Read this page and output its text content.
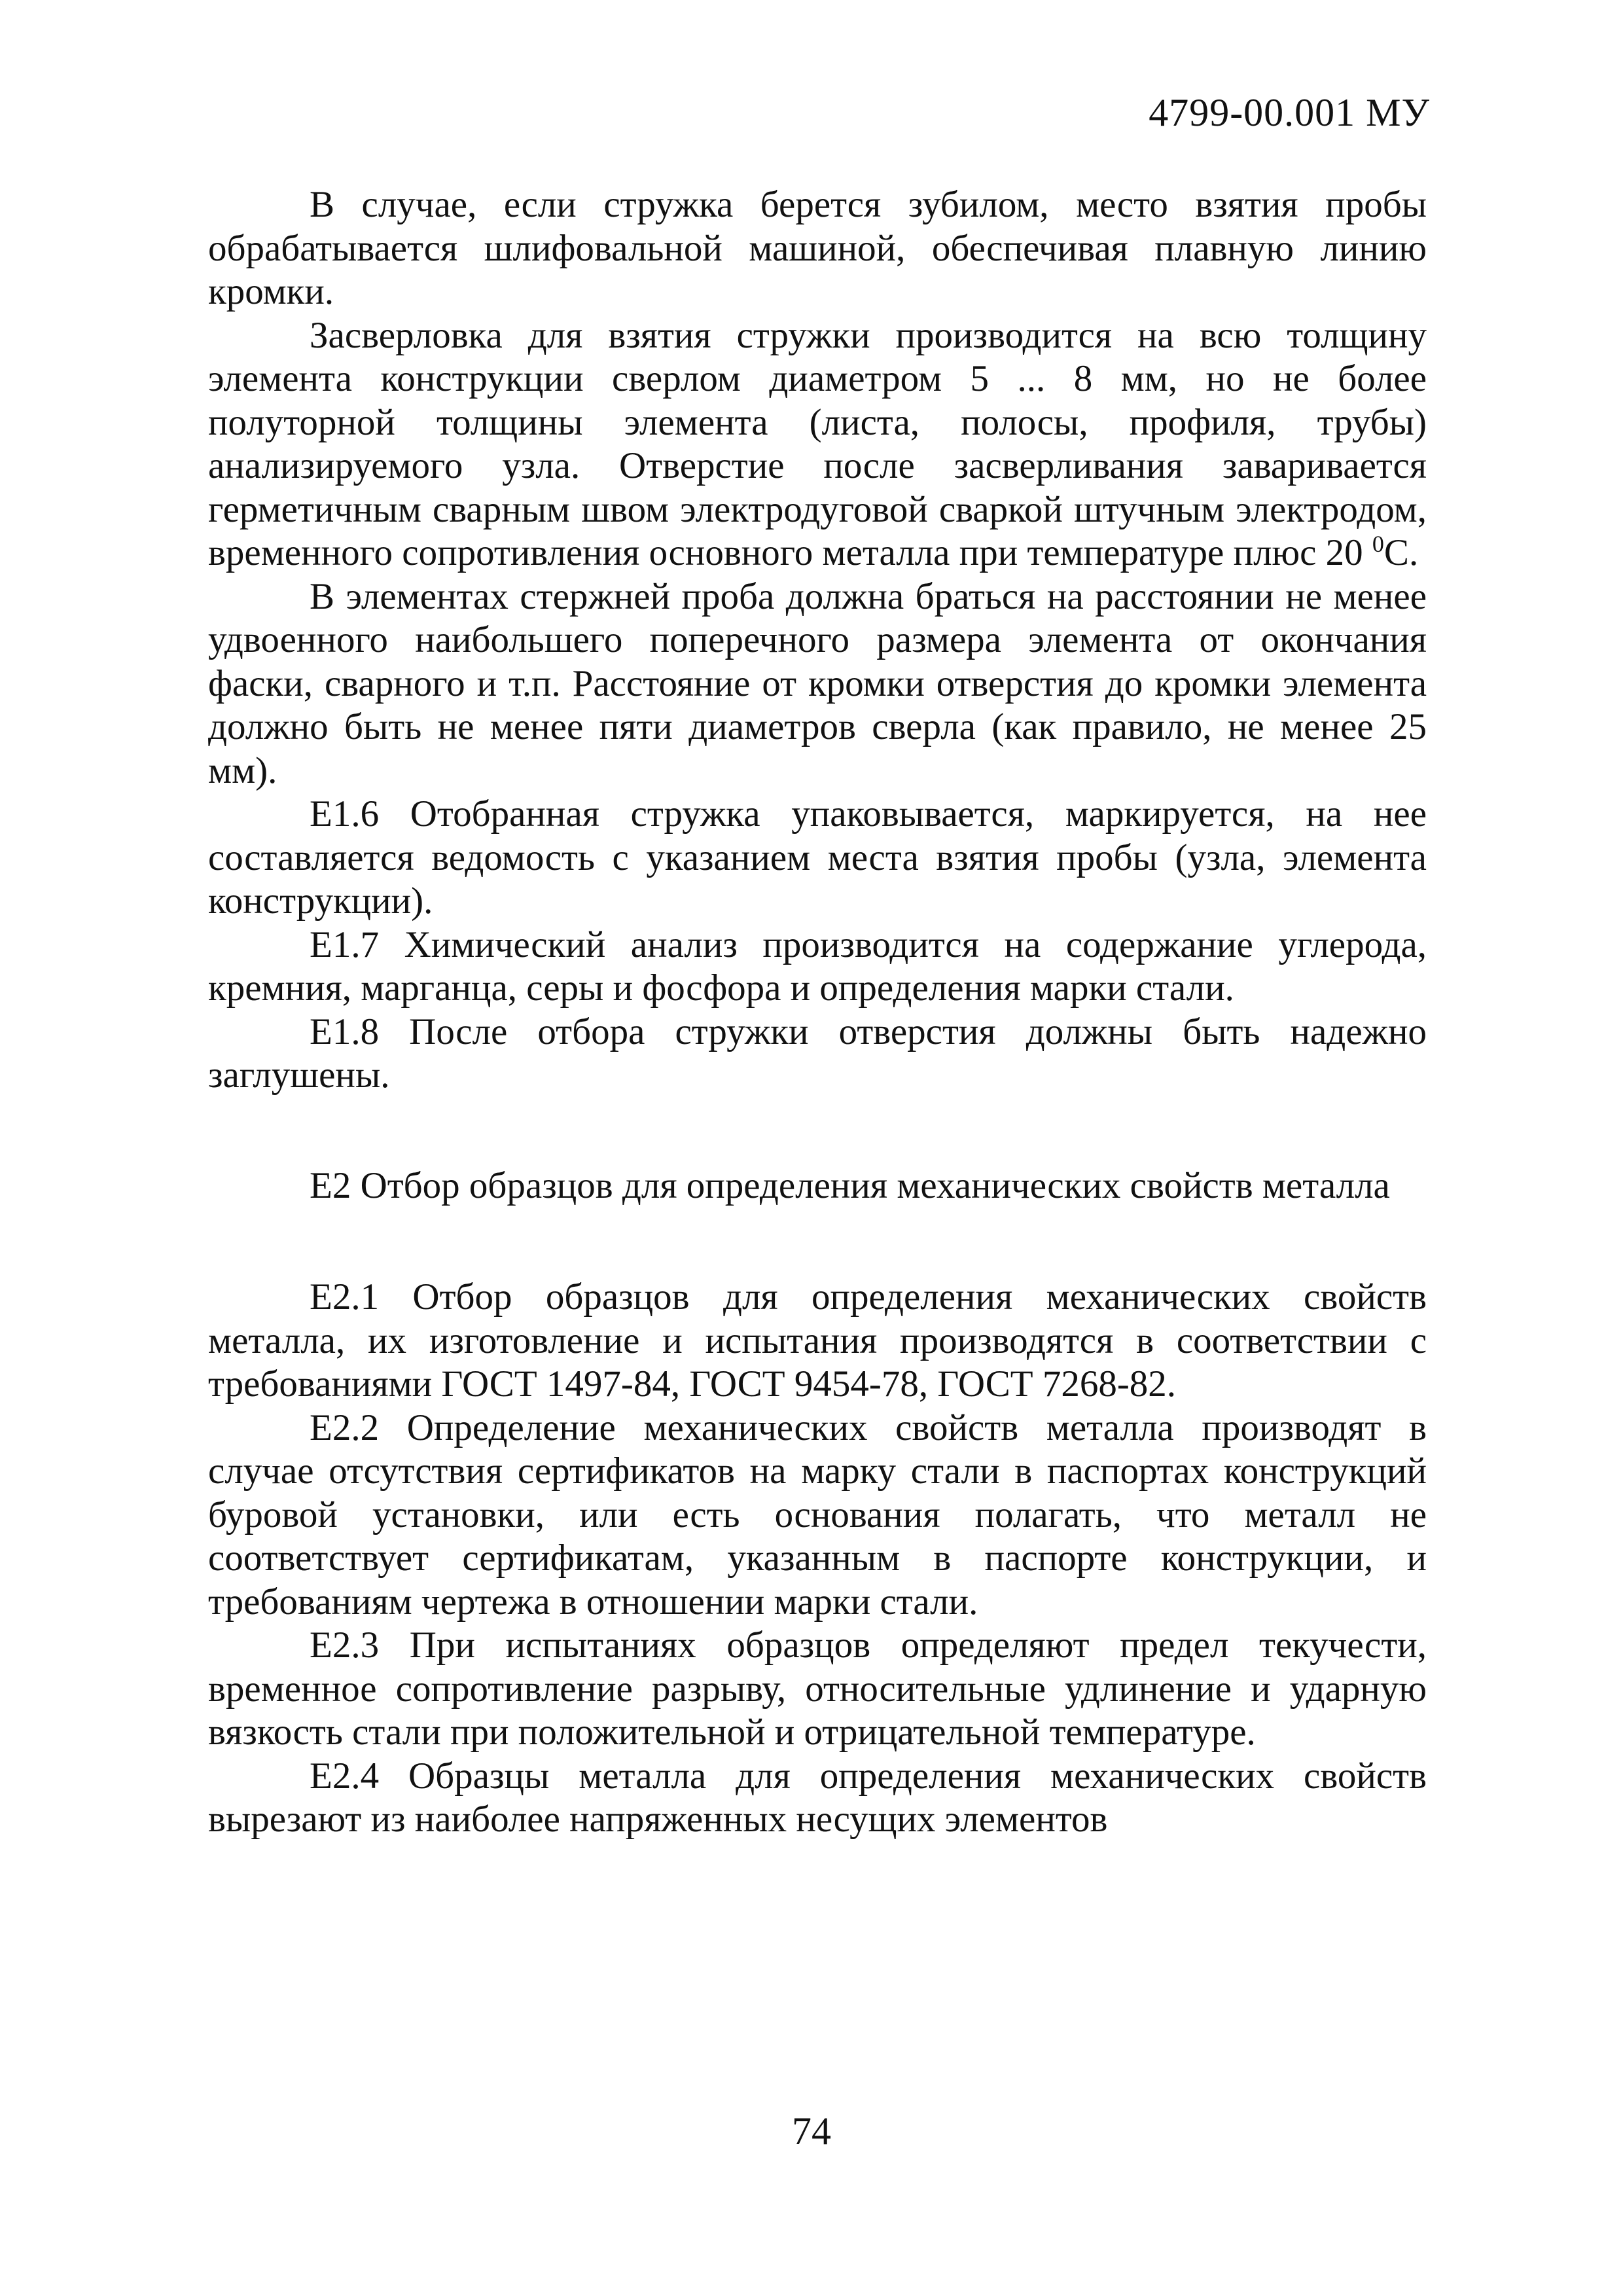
4799-00.001 МУ

В случае, если стружка берется зубилом, место взятия пробы обрабатывается шлифовальной машиной, обеспечивая плавную линию кромки.

Засверловка для взятия стружки производится на всю толщину элемента конструкции сверлом диаметром 5 ... 8 мм, но не более полуторной толщины элемента (листа, полосы, профиля, трубы) анализируемого узла. Отверстие после засверливания заваривается герметичным сварным швом электродуговой сваркой штучным электродом, временного сопротивления основного металла при температуре плюс 20 $^0$С.

В элементах стержней проба должна браться на расстоянии не менее удвоенного наибольшего поперечного размера элемента от окончания фаски, сварного и т.п. Расстояние от кромки отверстия до кромки элемента должно быть не менее пяти диаметров сверла (как правило, не менее 25 мм).

Е1.6 Отобранная стружка упаковывается, маркируется, на нее составляется ведомость с указанием места взятия пробы (узла, элемента конструкции).

Е1.7 Химический анализ производится на содержание углерода, кремния, марганца, серы и фосфора и определения марки стали.

Е1.8 После отбора стружки отверстия должны быть надежно заглушены.

Е2 Отбор образцов для определения механических свойств металла

Е2.1 Отбор образцов для определения механических свойств металла, их изготовление и испытания производятся в соответствии с требованиями ГОСТ 1497-84, ГОСТ 9454-78, ГОСТ 7268-82.

Е2.2 Определение механических свойств металла производят в случае отсутствия сертификатов на марку стали в паспортах конструкций буровой установки, или есть основания полагать, что металл не соответствует сертификатам, указанным в паспорте конструкции, и требованиям чертежа в отношении марки стали.

Е2.3 При испытаниях образцов определяют предел текучести, временное сопротивление разрыву, относительные удлинение и ударную вязкость стали при положительной и отрицательной температуре.

Е2.4 Образцы металла для определения механических свойств вырезают из наиболее напряженных несущих элементов

74
